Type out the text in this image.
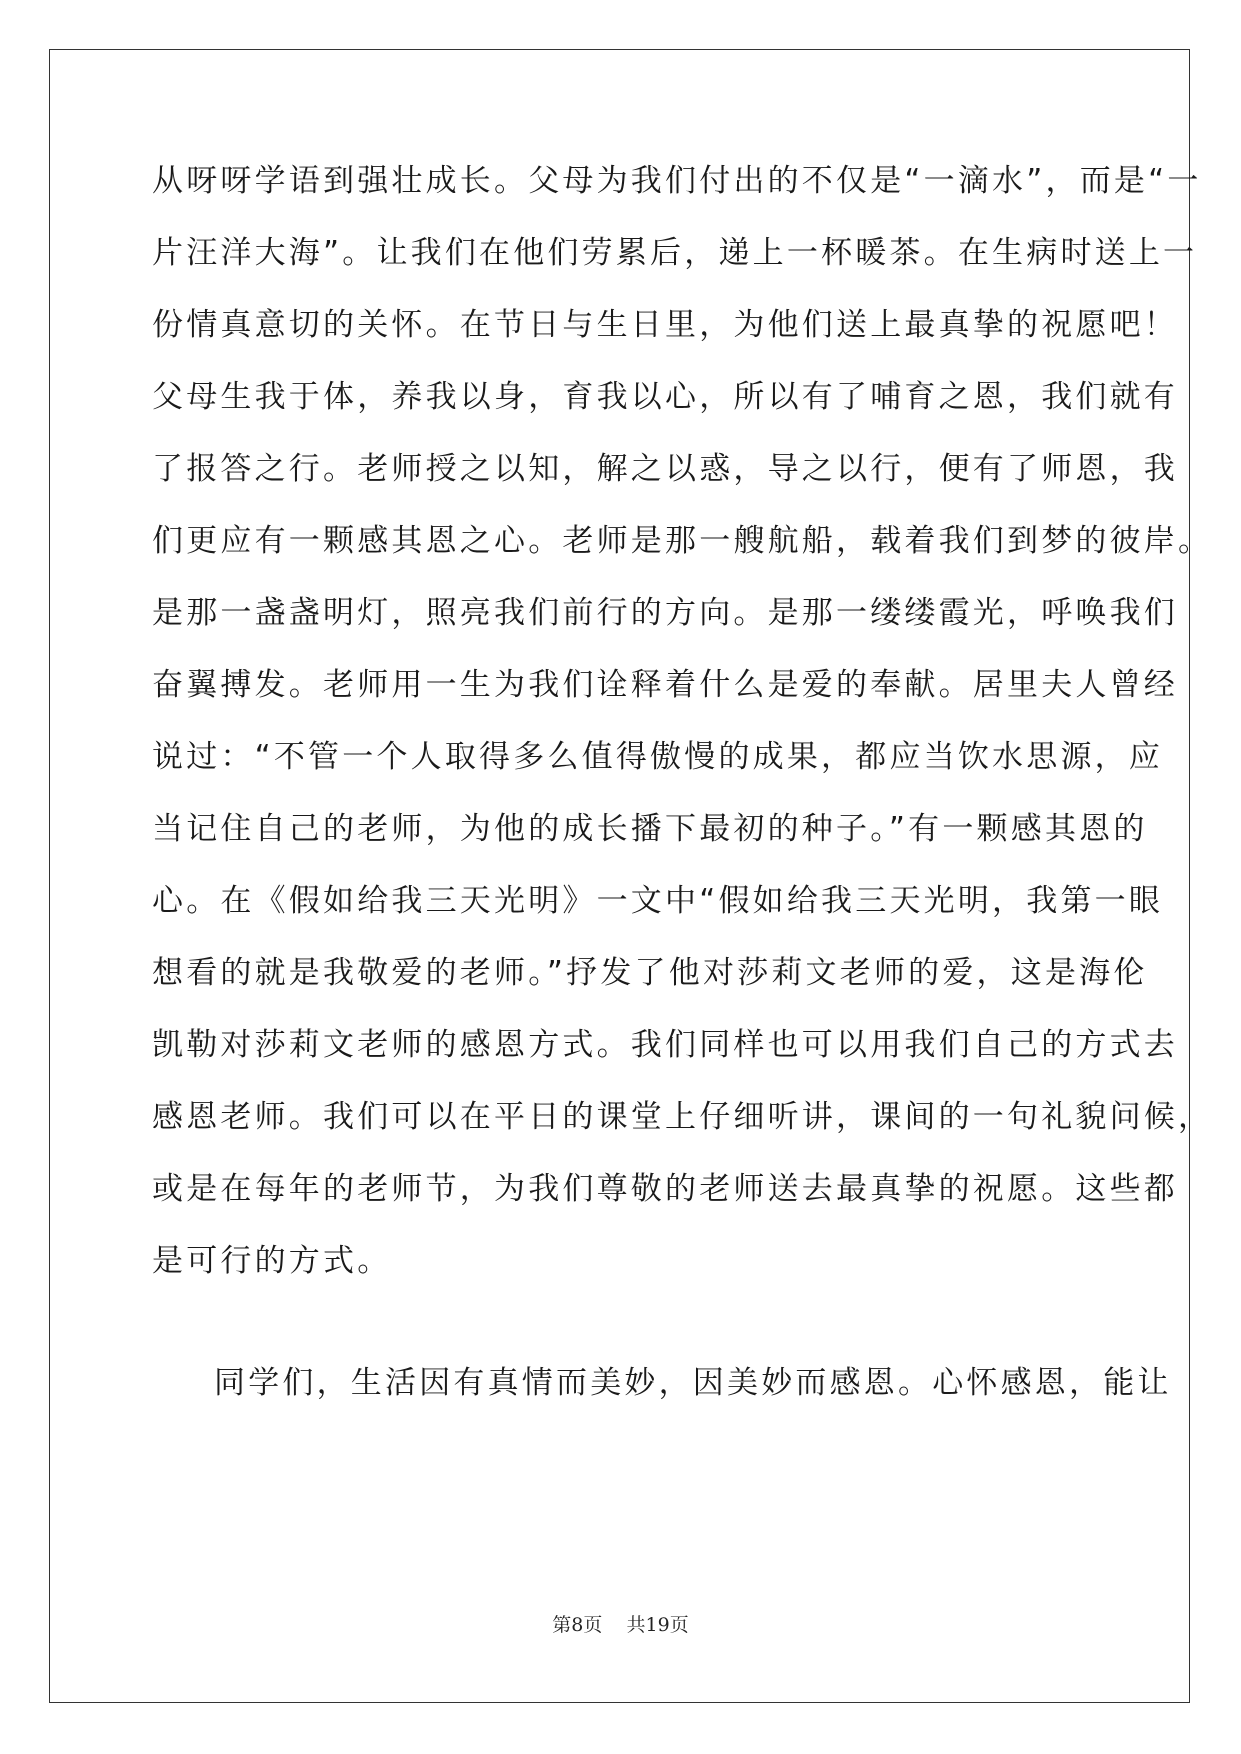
从呀呀学语到强壮成长。父母为我们付出的不仅是“一滴水”，而是“一
片汪洋大海”。让我们在他们劳累后，递上一杯暖茶。在生病时送上一
份情真意切的关怀。在节日与生日里，为他们送上最真挚的祝愿吧！
父母生我于体，养我以身，育我以心，所以有了哺育之恩，我们就有
了报答之行。老师授之以知，解之以惑，导之以行，便有了师恩，我
们更应有一颗感其恩之心。老师是那一艘航船，载着我们到梦的彼岸。
是那一盏盏明灯，照亮我们前行的方向。是那一缕缕霞光，呼唤我们
奋翼搏发。老师用一生为我们诠释着什么是爱的奉献。居里夫人曾经
说过：“不管一个人取得多么值得傲慢的成果，都应当饮水思源，应
当记住自己的老师，为他的成长播下最初的种子。”有一颗感其恩的
心。在《假如给我三天光明》一文中“假如给我三天光明，我第一眼
想看的就是我敬爱的老师。”抒发了他对莎莉文老师的爱，这是海伦
凯勒对莎莉文老师的感恩方式。我们同样也可以用我们自己的方式去
感恩老师。我们可以在平日的课堂上仔细听讲，课间的一句礼貌问候，
或是在每年的老师节，为我们尊敬的老师送去最真挚的祝愿。这些都
是可行的方式。
同学们，生活因有真情而美妙，因美妙而感恩。心怀感恩，能让
第8页 共19页
